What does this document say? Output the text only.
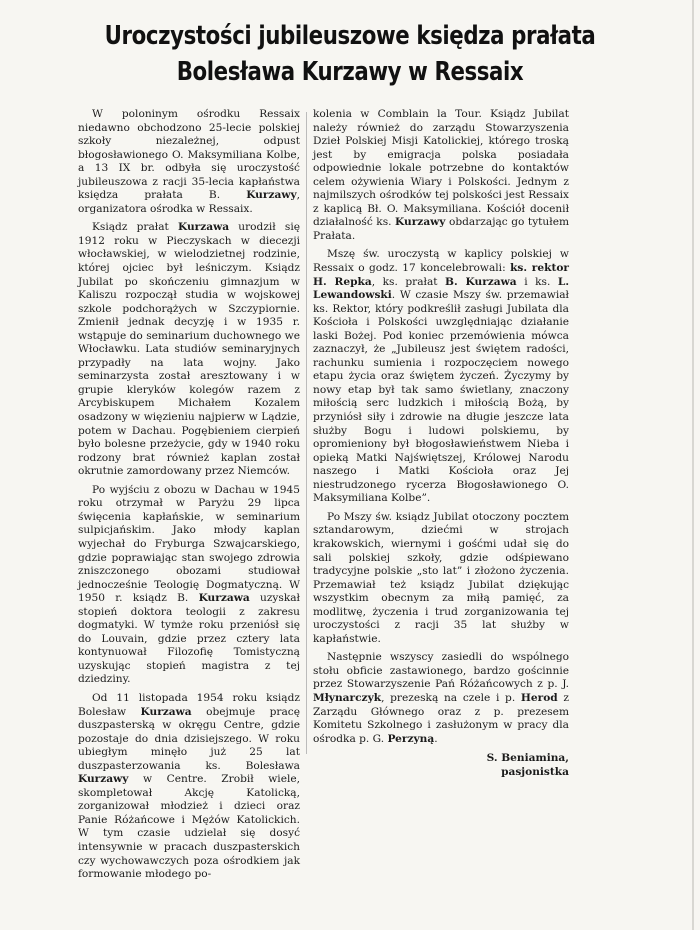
Uroczystości jubileuszowe księdza prałata
Bolesława Kurzawy w Ressaix

W poloninym ośrodku Ressaix niedawno obchodzono 25-lecie polskiej szkoły niezależnej, odpust błogosławionego O. Maksymiliana Kolbe, a 13 IX br. odbyła się uroczystość jubileuszowa z racji 35-lecia kapłaństwa księdza prałata B. Kurzawy, organizatora ośrodka w Ressaix.

Ksiądz prałat Kurzawa urodził się 1912 roku w Pieczyskach w diecezji włocławskiej, w wielodzietnej rodzinie, której ojciec był leśniczym. Ksiądz Jubilat po skończeniu gimnazjum w Kaliszu rozpoczął studia w wojskowej szkole podchorążych w Szczypiornie. Zmienił jednak decyzję i w 1935 r. wstąpuje do seminarium duchownego we Włocławku. Lata studiów seminaryjnych przypadły na lata wojny. Jako seminarzysta został aresztowany i w grupie kleryków kolegów razem z Arcybiskupem Michałem Kozalem osadzony w więzieniu najpierw w Lądzie, potem w Dachau. Pogębieniem cierpień było bolesne przeżycie, gdy w 1940 roku rodzony brat również kaplan został okrutnie zamordowany przez Niemców.

Po wyjściu z obozu w Dachau w 1945 roku otrzymał w Paryżu 29 lipca święcenia kapłańskie, w seminarium sulpicjańskim. Jako młody kaplan wyjechał do Fryburga Szwajcarskiego, gdzie poprawiając stan swojego zdrowia zniszczonego obozami studiował jednocześnie Teologię Dogmatyczną. W 1950 r. ksiądz B. Kurzawa uzyskał stopień doktora teologii z zakresu dogmatyki. W tymże roku przeniósł się do Louvain, gdzie przez cztery lata kontynuował Filozofię Tomistyczną uzyskując stopień magistra z tej dziedziny.

Od 11 listopada 1954 roku ksiądz Bolesław Kurzawa obejmuje pracę duszpasterską w okręgu Centre, gdzie pozostaje do dnia dzisiejszego. W roku ubiegłym minęło już 25 lat duszpasterzowania ks. Bolesława Kurzawy w Centre. Zrobił wiele, skompletował Akcję Katolicką, zorganizował młodzież i dzieci oraz Panie Różańcowe i Mężów Katolickich. W tym czasie udzielał się dosyć intensywnie w pracach duszpasterskich czy wychowawczych poza ośrodkiem jak formowanie młodego po-

kolenia w Comblain la Tour. Ksiądz Jubilat należy również do zarządu Stowarzyszenia Dzieł Polskiej Misji Katolickiej, którego troską jest by emigracja polska posiadała odpowiednie lokale potrzebne do kontaktów celem ożywienia Wiary i Polskości. Jednym z najmilszych ośrodków tej polskości jest Ressaix z kaplicą Bł. O. Maksymiliana. Kościół docenił działalność ks. Kurzawy obdarzając go tytułem Prałata.

Mszę św. uroczystą w kaplicy polskiej w Ressaix o godz. 17 koncelebrowali: ks. rektor H. Repka, ks. prałat B. Kurzawa i ks. L. Lewandowski. W czasie Mszy św. przemawiał ks. Rektor, który podkreślił zasługi Jubilata dla Kościoła i Polskości uwzględniając działanie laski Bożej. Pod koniec przemówienia mówca zaznaczył, że „Jubileusz jest świętem radości, rachunku sumienia i rozpoczęciem nowego etapu życia oraz świętem życzeń. Życzymy by nowy etap był tak samo świetlany, znaczony miłością serc ludzkich i miłością Bożą, by przyniósł siły i zdrowie na długie jeszcze lata służby Bogu i ludowi polskiemu, by opromieniony był błogosławieństwem Nieba i opieką Matki Najświętszej, Królowej Narodu naszego i Matki Kościoła oraz Jej niestrudzonego rycerza Błogosławionego O. Maksymiliana Kolbe”.

Po Mszy św. ksiądz Jubilat otoczony pocztem sztandarowym, dziećmi w strojach krakowskich, wiernymi i gośćmi udał się do sali polskiej szkoły, gdzie odśpiewano tradycyjne polskie „sto lat” i złożono życzenia. Przemawiał też ksiądz Jubilat dziękując wszystkim obecnym za miłą pamięć, za modlitwę, życzenia i trud zorganizowania tej uroczystości z racji 35 lat służby w kapłaństwie.

Następnie wszyscy zasiedli do wspólnego stołu obficie zastawionego, bardzo gościnnie przez Stowarzyszenie Pań Różańcowych z p. J. Młynarczyk, prezeską na czele i p. Herod z Zarządu Głównego oraz z p. prezesem Komitetu Szkolnego i zasłużonym w pracy dla ośrodka p. G. Perzyną.

S. Beniamina,
pasjonistka
